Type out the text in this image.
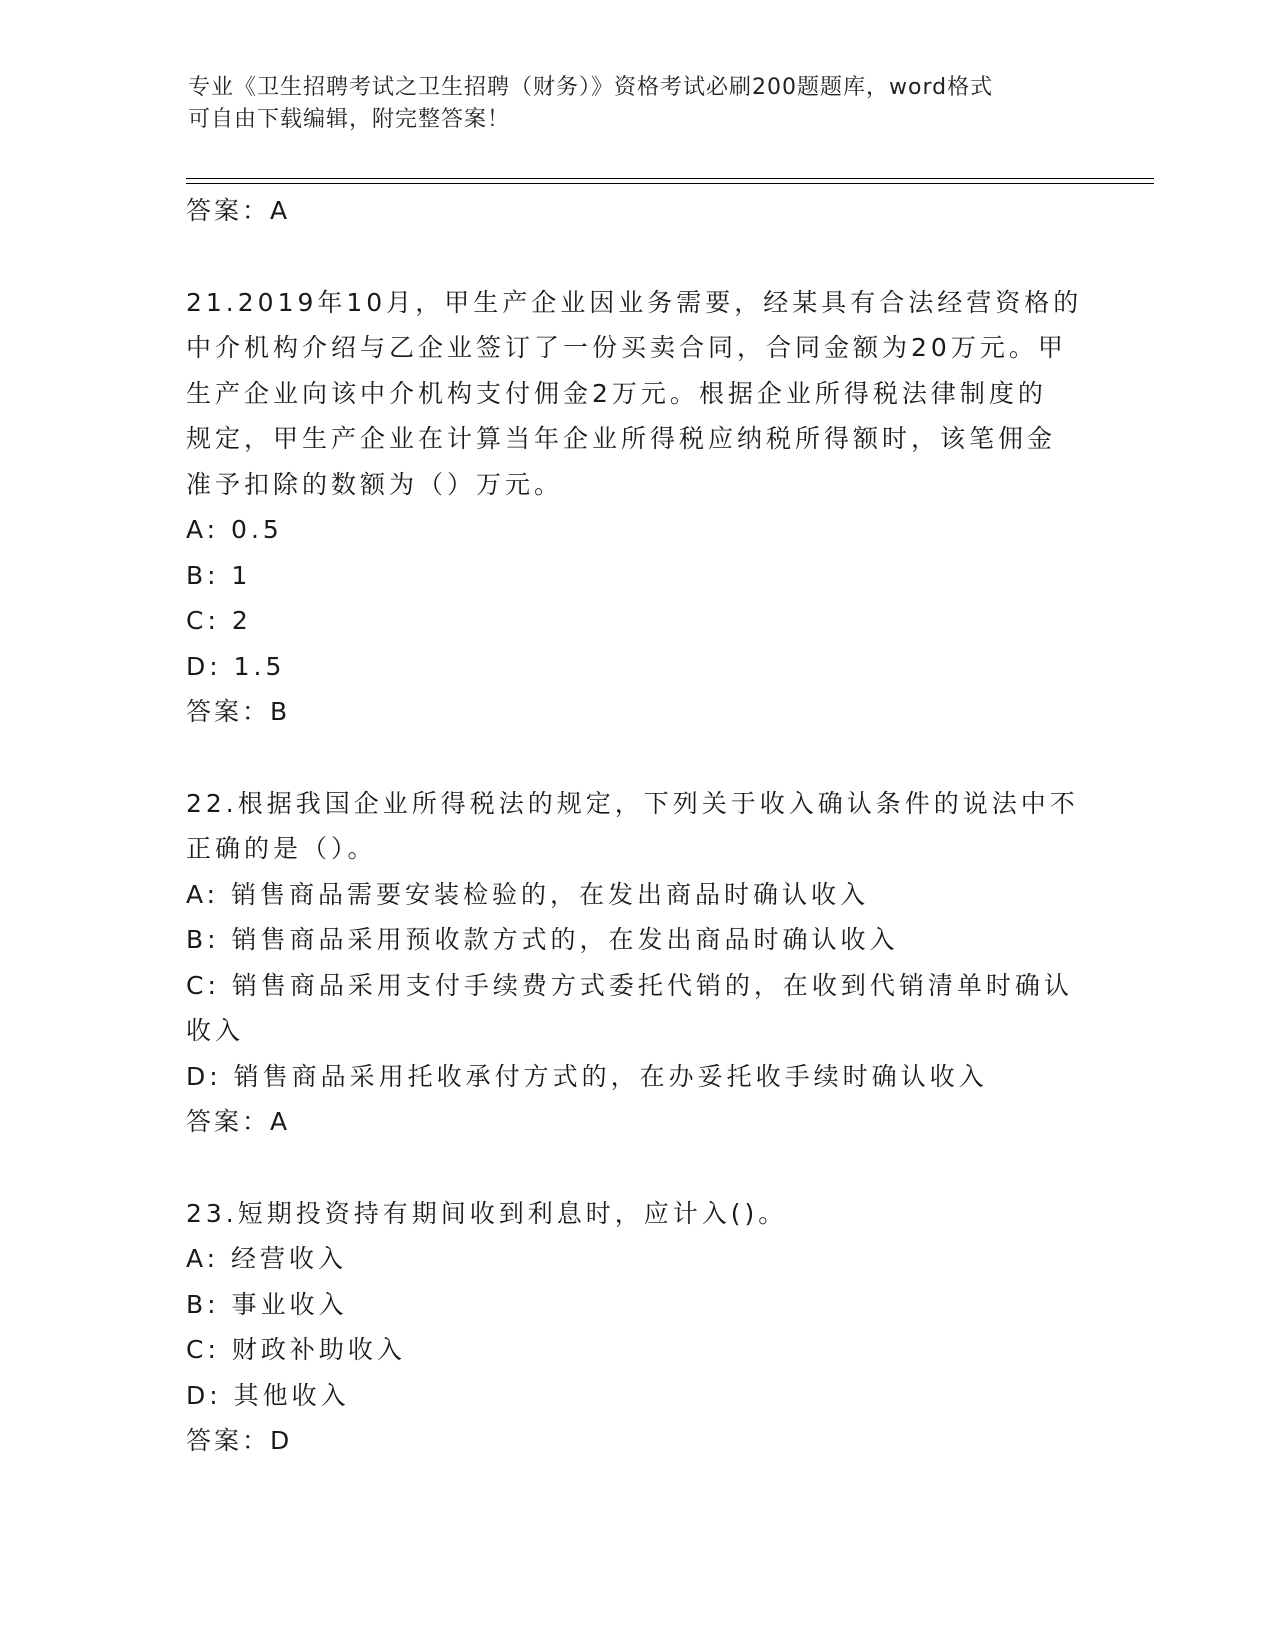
专业《卫生招聘考试之卫生招聘（财务）》资格考试必刷200题题库，word格式
可自由下载编辑，附完整答案！
答案：A
21.2019年10月，甲生产企业因业务需要，经某具有合法经营资格的
中介机构介绍与乙企业签订了一份买卖合同，合同金额为20万元。甲
生产企业向该中介机构支付佣金2万元。根据企业所得税法律制度的
规定，甲生产企业在计算当年企业所得税应纳税所得额时，该笔佣金
准予扣除的数额为（）万元。
A: 0.5
B: 1
C: 2
D: 1.5
答案：B
22.根据我国企业所得税法的规定，下列关于收入确认条件的说法中不
正确的是（）。
A: 销售商品需要安装检验的，在发出商品时确认收入
B: 销售商品采用预收款方式的，在发出商品时确认收入
C: 销售商品采用支付手续费方式委托代销的，在收到代销清单时确认
收入
D: 销售商品采用托收承付方式的，在办妥托收手续时确认收入
答案：A
23.短期投资持有期间收到利息时，应计入()。
A: 经营收入
B: 事业收入
C: 财政补助收入
D: 其他收入
答案：D
